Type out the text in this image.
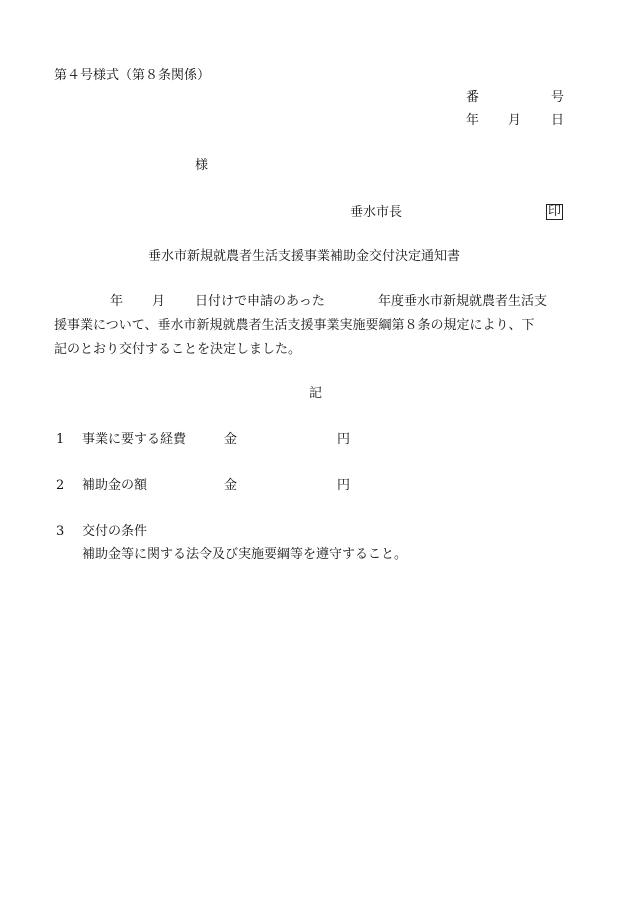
第４号様式（第８条関係）
番	号
年 月 日
様
垂水市長	印
垂水市新規就農者生活支援事業補助金交付決定通知書
年 月 日付けで申請のあった	年度垂水市新規就農者生活支
援事業について、垂水市新規就農者生活支援事業実施要綱第８条の規定により、下
記のとおり交付することを決定しました。
記
1 事業に要する経費	金	円
2 補助金の額	金	円
3 交付の条件
補助金等に関する法令及び実施要綱等を遵守すること。
